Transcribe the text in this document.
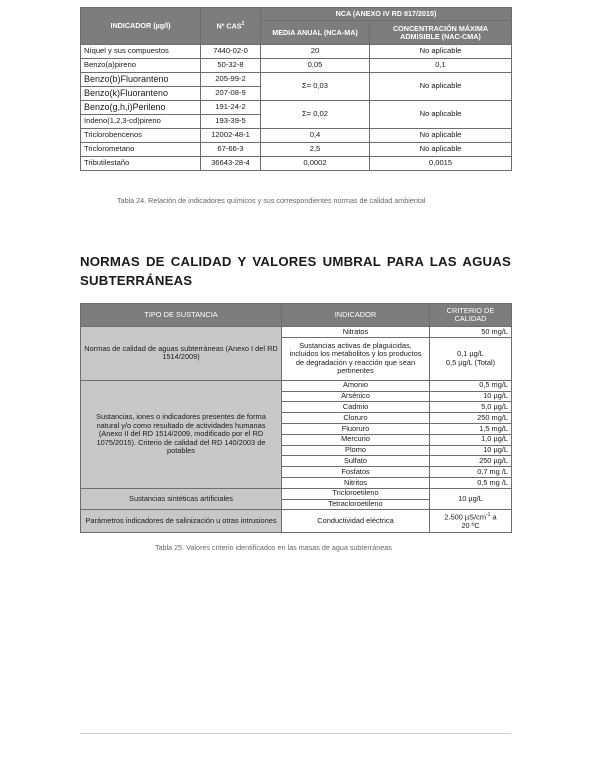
INDICADOR (µg/l)	Nº CAS$^2$	NCA (ANEXO IV RD 817/2015)	
		MEDIA ANUAL (NCA-MA)	CONCENTRACIÓN MÁXIMA ADMISIBLE (NAC-CMA)
Níquel y sus compuestos	7440-02-0	20	No aplicable
Benzo(a)pireno	50-32-8	0,05	0,1
Benzo(b)Fluoranteno	205-99-2	Σ= 0,03	No aplicable
Benzo(k)Fluoranteno	207-08-9		
Benzo(g,h,i)Perileno	191-24-2	Σ= 0,02	No aplicable
Indeno(1,2,3-cd)pireno	193-39-5		
Triclorobencenos	12002-48-1	0,4	No aplicable
Triclorometano	67-66-3	2,5	No aplicable
Tributilestaño	36643-28-4	0,0002	0,0015
Tabla 24. Relación de indicadores químicos y sus correspondientes normas de calidad ambiental
NORMAS DE CALIDAD Y VALORES UMBRAL PARA LAS AGUAS SUBTERRÁNEAS
TIPO DE SUSTANCIA	INDICADOR	CRITERIO DE CALIDAD
Normas de calidad de aguas subterráneas (Anexo I del RD 1514/2009)	Nitratos	50 mg/L
	Sustancias activas de plaguicidas, incluidos los metabolitos y los productos de degradación y reacción que sean pertinentes	0,1 µg/L
0,5 µg/L (Total)

Sustancias, iones o indicadores presentes de forma natural y/o como resultado de actividades humanas (Anexo II del RD 1514/2009, modificado por el RD 1075/2015). Criterio de calidad del RD 140/2003 de potables	Amonio	0,5 mg/L
	Arsénico	10 µg/L
	Cadmio	5,0 µg/L
	Cloruro	250 mg/L
	Fluoruro	1,5 mg/L
	Mercurio	1,0 µg/L
	Plomo	10 µg/L
	Sulfato	250 µg/L
	Fosfatos	0,7 mg /L
	Nitritos	0,5 mg /L
Sustancias sintéticas artificiales	Tricloroetileno	10 µg/L
	Tetracloroetileno	
Parámetros indicadores de salinización u otras intrusiones	Conductividad eléctrica	2.500 $\mu S/cm^{-1}$ a
20 ºC
Tabla 25. Valores criterio identificados en las masas de agua subterráneas
